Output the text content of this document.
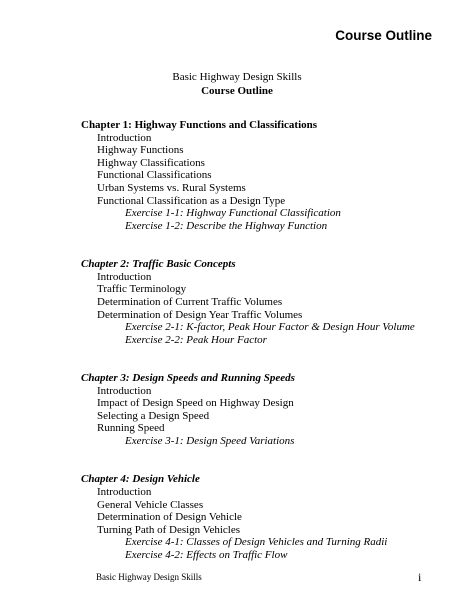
Course Outline
Basic Highway Design Skills
Course Outline
Chapter 1: Highway Functions and Classifications
Introduction
Highway Functions
Highway Classifications
Functional Classifications
Urban Systems vs. Rural Systems
Functional Classification as a Design Type
Exercise 1-1: Highway Functional Classification
Exercise 1-2: Describe the Highway Function
Chapter 2: Traffic Basic Concepts
Introduction
Traffic Terminology
Determination of Current Traffic Volumes
Determination of Design Year Traffic Volumes
Exercise 2-1: K-factor, Peak Hour Factor & Design Hour Volume
Exercise 2-2: Peak Hour Factor
Chapter 3: Design Speeds and Running Speeds
Introduction
Impact of Design Speed on Highway Design
Selecting a Design Speed
Running Speed
Exercise 3-1: Design Speed Variations
Chapter 4: Design Vehicle
Introduction
General Vehicle Classes
Determination of Design Vehicle
Turning Path of Design Vehicles
Exercise 4-1: Classes of Design Vehicles and Turning Radii
Exercise 4-2: Effects on Traffic Flow
Basic Highway Design Skills	i
